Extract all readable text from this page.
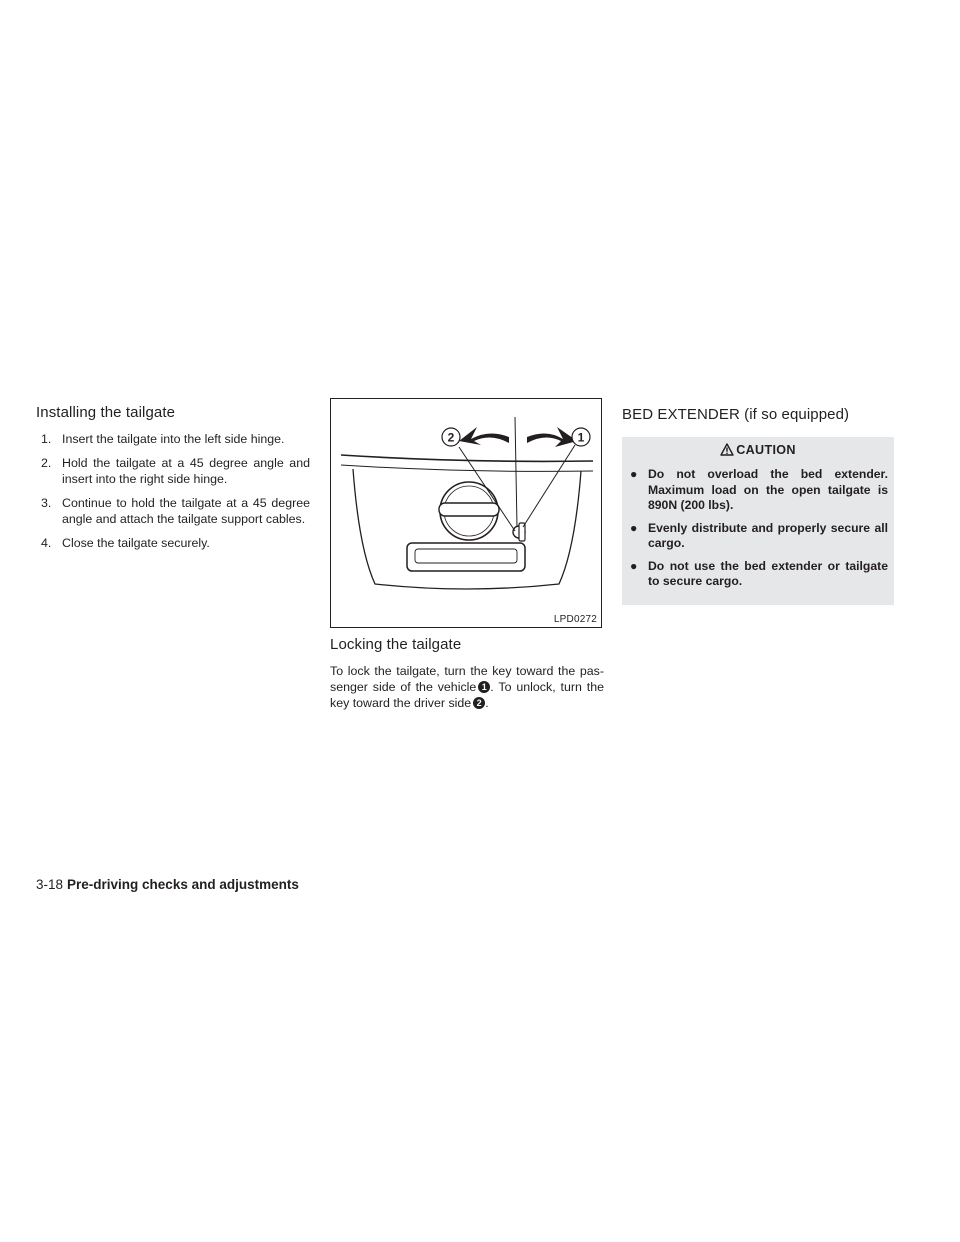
Installing the tailgate
1. Insert the tailgate into the left side hinge.
2. Hold the tailgate at a 45 degree angle and insert into the right side hinge.
3. Continue to hold the tailgate at a 45 degree angle and attach the tailgate support cables.
4. Close the tailgate securely.
2	1
LPD0272
Locking the tailgate

To lock the tailgate, turn the key toward the pas-senger side of the vehicle 1 . To unlock, turn the key toward the driver side 2 .

BED EXTENDER (if so equipped)
CAUTION
● Do not overload the bed extender. Maximum load on the open tailgate is 890N (200 lbs).
● Evenly distribute and properly secure all cargo.
● Do not use the bed extender or tailgate to secure cargo.
3-18 Pre-driving checks and adjustments
